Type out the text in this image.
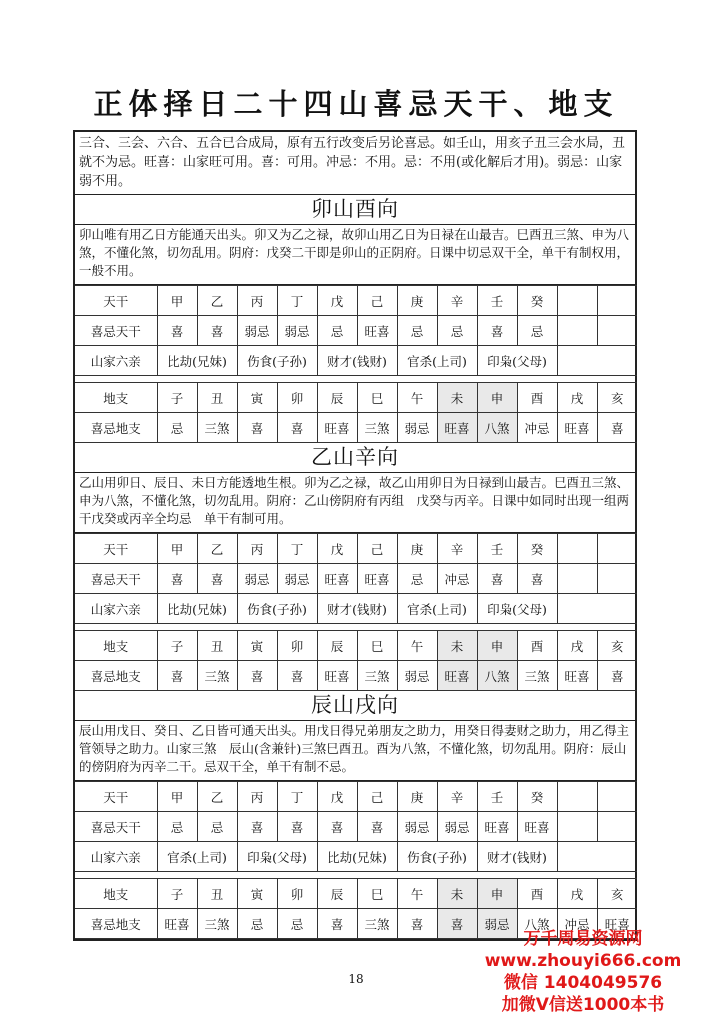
正体择日二十四山喜忌天干、地支
三合、三会、六合、五合已合成局，原有五行改变后另论喜忌。如壬山，用亥子丑三会水局，丑就不为忌。旺喜：山家旺可用。喜：可用。冲忌：不用。忌：不用(或化解后才用)。弱忌：山家弱不用。
卯山酉向
卯山唯有用乙日方能通天出头。卯又为乙之禄，故卯山用乙日为日禄在山最吉。巳酉丑三煞、申为八煞，不懂化煞，切勿乱用。阴府：戊癸二干即是卯山的正阴府。日课中切忌双干全，单干有制权用，一般不用。
天干	甲	乙	丙	丁	戊	己	庚	辛	壬	癸		
喜忌天干	喜	喜	弱忌	弱忌	忌	旺喜	忌	忌	喜	忌		
山家六亲	比劫(兄妹)		伤食(子孙)		财才(钱财)		官杀(上司)		印枭(父母)			

地支	子	丑	寅	卯	辰	巳	午	未	申	酉	戌	亥
喜忌地支	忌	三煞	喜	喜	旺喜	三煞	弱忌	旺喜	八煞	冲忌	旺喜	喜
乙山辛向
乙山用卯日、辰日、未日方能透地生根。卯为乙之禄，故乙山用卯日为日禄到山最吉。巳酉丑三煞、申为八煞，不懂化煞，切勿乱用。阴府：乙山傍阴府有丙组　戊癸与丙辛。日课中如同时出现一组两干戊癸或丙辛全均忌　单干有制可用。
天干	甲	乙	丙	丁	戊	己	庚	辛	壬	癸		
喜忌天干	喜	喜	弱忌	弱忌	旺喜	旺喜	忌	冲忌	喜	喜		
山家六亲	比劫(兄妹)		伤食(子孙)		财才(钱财)		官杀(上司)		印枭(父母)			

地支	子	丑	寅	卯	辰	巳	午	未	申	酉	戌	亥
喜忌地支	喜	三煞	喜	喜	旺喜	三煞	弱忌	旺喜	八煞	三煞	旺喜	喜
辰山戌向
辰山用戊日、癸日、乙日皆可通天出头。用戊日得兄弟朋友之助力，用癸日得妻财之助力，用乙得主管领导之助力。山家三煞　辰山(含兼针)三煞巳酉丑。酉为八煞，不懂化煞，切勿乱用。阴府：辰山的傍阴府为丙辛二干。忌双干全，单干有制不忌。
天干	甲	乙	丙	丁	戊	己	庚	辛	壬	癸		
喜忌天干	忌	忌	喜	喜	喜	喜	弱忌	弱忌	旺喜	旺喜		
山家六亲	官杀(上司)		印枭(父母)		比劫(兄妹)		伤食(子孙)		财才(钱财)			

地支	子	丑	寅	卯	辰	巳	午	未	申	酉	戌	亥
喜忌地支	旺喜	三煞	忌	忌	喜	三煞	喜	喜	弱忌	八煞	冲忌	旺喜
18
万千周易资源网
www.zhouyi666.com
微信 1404049576
加微V信送1000本书
